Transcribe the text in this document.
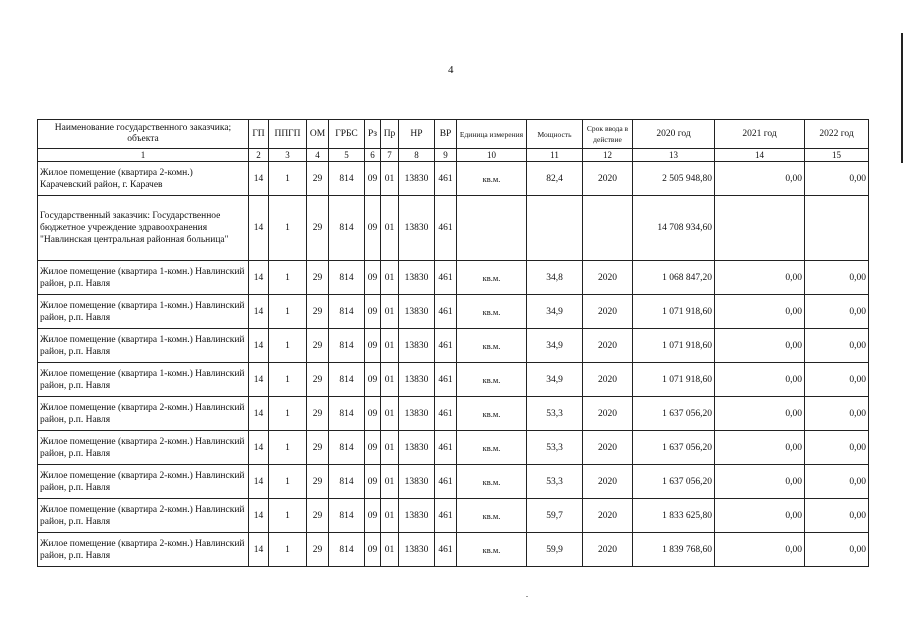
4
Наименование государственного заказчика; объекта	ГП	ППГП	ОМ	ГРБС	Рз	Пр	НР	ВР	Единица измерения	Мощность	Срок ввода в действие	2020 год	2021 год	2022 год
1	2	3	4	5	6	7	8	9	10	11	12	13	14	15
Жилое помещение (квартира 2-комн.) Карачевский район, г. Карачев	14	1	29	814	09	01	13830	461	кв.м.	82,4	2020	2 505 948,80	0,00	0,00
Государственный заказчик: Государственное бюджетное учреждение здравоохранения "Навлинская центральная районная больница"	14	1	29	814	09	01	13830	461				14 708 934,60		
Жилое помещение (квартира 1-комн.) Навлинский район, р.п. Навля	14	1	29	814	09	01	13830	461	кв.м.	34,8	2020	1 068 847,20	0,00	0,00
Жилое помещение (квартира 1-комн.) Навлинский район, р.п. Навля	14	1	29	814	09	01	13830	461	кв.м.	34,9	2020	1 071 918,60	0,00	0,00
Жилое помещение (квартира 1-комн.) Навлинский район, р.п. Навля	14	1	29	814	09	01	13830	461	кв.м.	34,9	2020	1 071 918,60	0,00	0,00
Жилое помещение (квартира 1-комн.) Навлинский район, р.п. Навля	14	1	29	814	09	01	13830	461	кв.м.	34,9	2020	1 071 918,60	0,00	0,00
Жилое помещение (квартира 2-комн.) Навлинский район, р.п. Навля	14	1	29	814	09	01	13830	461	кв.м.	53,3	2020	1 637 056,20	0,00	0,00
Жилое помещение (квартира 2-комн.) Навлинский район, р.п. Навля	14	1	29	814	09	01	13830	461	кв.м.	53,3	2020	1 637 056,20	0,00	0,00
Жилое помещение (квартира 2-комн.) Навлинский район, р.п. Навля	14	1	29	814	09	01	13830	461	кв.м.	53,3	2020	1 637 056,20	0,00	0,00
Жилое помещение (квартира 2-комн.) Навлинский район, р.п. Навля	14	1	29	814	09	01	13830	461	кв.м.	59,7	2020	1 833 625,80	0,00	0,00
Жилое помещение (квартира 2-комн.) Навлинский район, р.п. Навля	14	1	29	814	09	01	13830	461	кв.м.	59,9	2020	1 839 768,60	0,00	0,00
